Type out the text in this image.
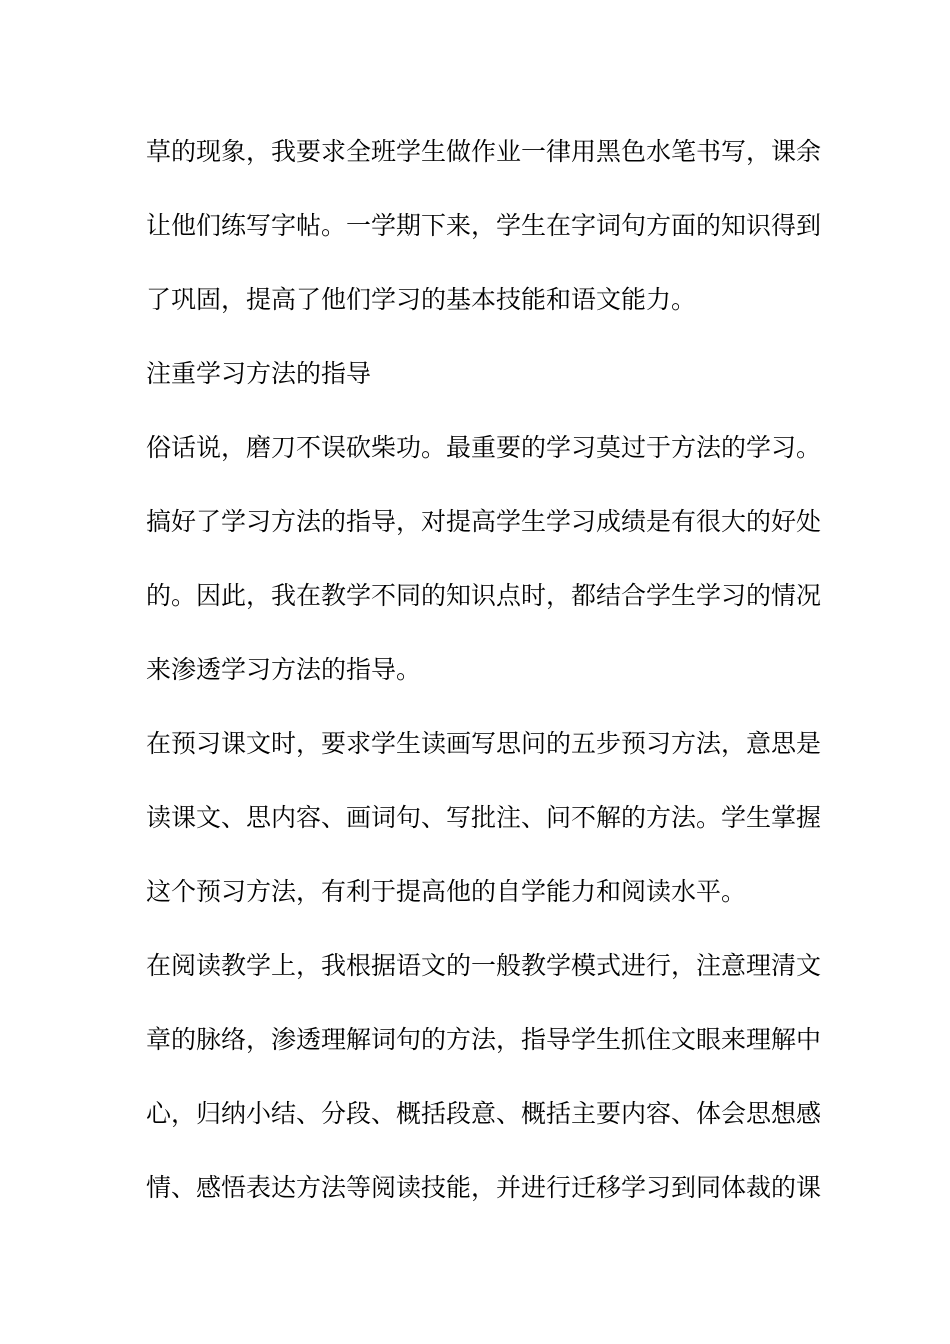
草的现象，我要求全班学生做作业一律用黑色水笔书写，课余
让他们练写字帖。一学期下来，学生在字词句方面的知识得到
了巩固，提高了他们学习的基本技能和语文能力。
注重学习方法的指导
俗话说，磨刀不误砍柴功。最重要的学习莫过于方法的学习。
搞好了学习方法的指导，对提高学生学习成绩是有很大的好处
的。因此，我在教学不同的知识点时，都结合学生学习的情况
来渗透学习方法的指导。
在预习课文时，要求学生读画写思问的五步预习方法，意思是
读课文、思内容、画词句、写批注、问不解的方法。学生掌握
这个预习方法，有利于提高他的自学能力和阅读水平。
在阅读教学上，我根据语文的一般教学模式进行，注意理清文
章的脉络，渗透理解词句的方法，指导学生抓住文眼来理解中
心，归纳小结、分段、概括段意、概括主要内容、体会思想感
情、感悟表达方法等阅读技能，并进行迁移学习到同体裁的课
